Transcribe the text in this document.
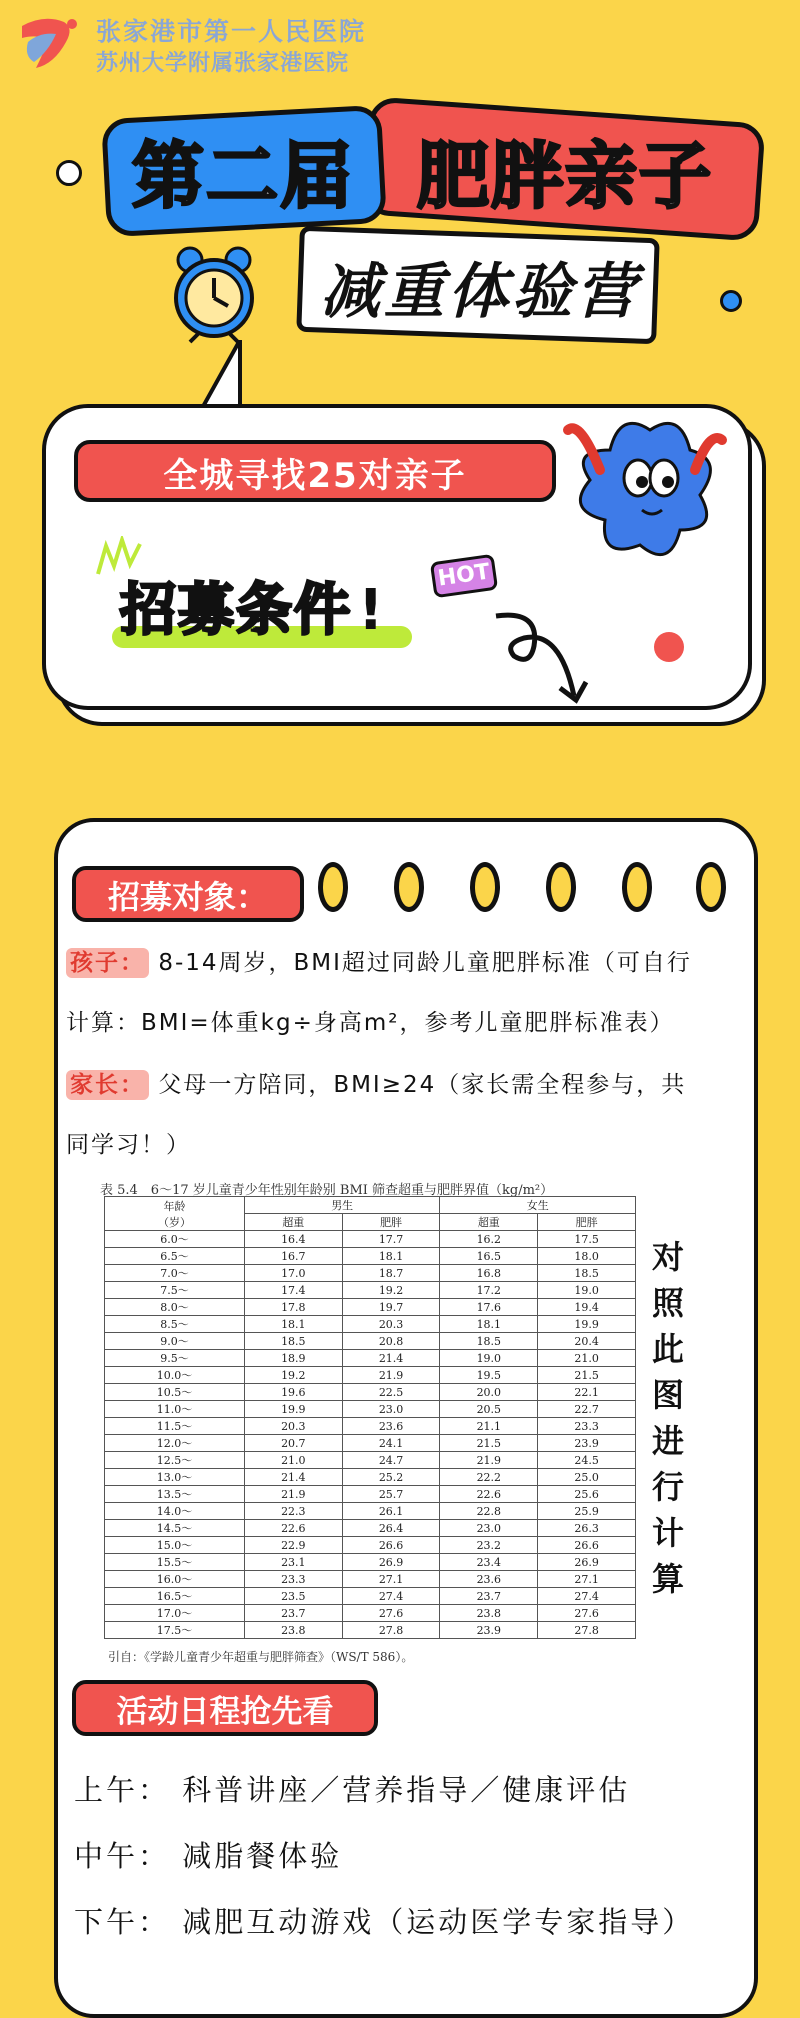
张家港市第一人民医院
苏州大学附属张家港医院
第二届 肥胖亲子
减重体验营
全城寻找25对亲子
招募条件 !
HOT
招募对象：
孩子： 8-14周岁，BMI超过同龄儿童肥胖标准（可自行
计算：BMI=体重kg÷身高m²，参考儿童肥胖标准表）
家长： 父母一方陪同，BMI≥24（家长需全程参与，共
同学习！）
表 5.4　6～17 岁儿童青少年性别年龄别 BMI 筛查超重与肥胖界值（kg/m²）
年龄
（岁）	男生		女生	
	超重	肥胖	超重	肥胖
6.0～	16.4	17.7	16.2	17.5
6.5～	16.7	18.1	16.5	18.0
7.0～	17.0	18.7	16.8	18.5
7.5～	17.4	19.2	17.2	19.0
8.0～	17.8	19.7	17.6	19.4
8.5～	18.1	20.3	18.1	19.9
9.0～	18.5	20.8	18.5	20.4
9.5～	18.9	21.4	19.0	21.0
10.0～	19.2	21.9	19.5	21.5
10.5～	19.6	22.5	20.0	22.1
11.0～	19.9	23.0	20.5	22.7
11.5～	20.3	23.6	21.1	23.3
12.0～	20.7	24.1	21.5	23.9
12.5～	21.0	24.7	21.9	24.5
13.0～	21.4	25.2	22.2	25.0
13.5～	21.9	25.7	22.6	25.6
14.0～	22.3	26.1	22.8	25.9
14.5～	22.6	26.4	23.0	26.3
15.0～	22.9	26.6	23.2	26.6
15.5～	23.1	26.9	23.4	26.9
16.0～	23.3	27.1	23.6	27.1
16.5～	23.5	27.4	23.7	27.4
17.0～	23.7	27.6	23.8	27.6
17.5～	23.8	27.8	23.9	27.8
引自：《学龄儿童青少年超重与肥胖筛查》（WS/T 586）。
对
照
此
图
进
行
计
算
活动日程抢先看
上午： 科普讲座／营养指导／健康评估
中午： 减脂餐体验
下午： 减肥互动游戏（运动医学专家指导）
